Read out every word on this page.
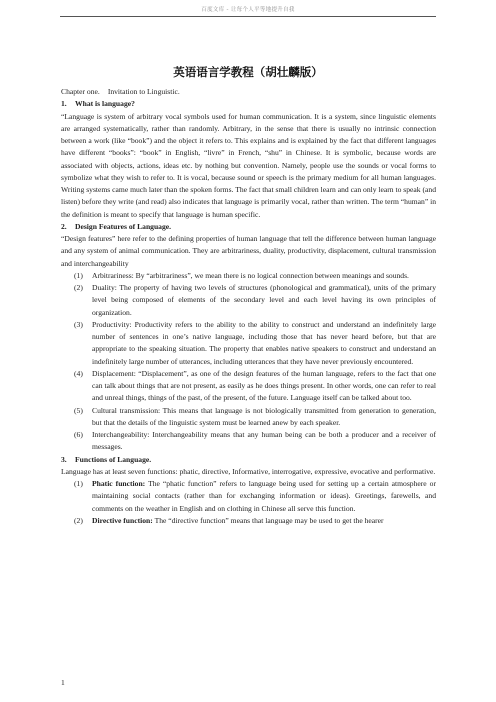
百度文库 - 让每个人平等地提升自我
英语语言学教程（胡壮麟版）

Chapter one. Invitation to Linguistic.

1. What is language?

“Language is system of arbitrary vocal symbols used for human communication. It is a system, since linguistic elements are arranged systematically, rather than randomly. Arbitrary, in the sense that there is usually no intrinsic connection between a work (like “book”) and the object it refers to. This explains and is explained by the fact that different languages have different “books”: “book” in English, “livre” in French, “shu” in Chinese. It is symbolic, because words are associated with objects, actions, ideas etc. by nothing but convention. Namely, people use the sounds or vocal forms to symbolize what they wish to refer to. It is vocal, because sound or speech is the primary medium for all human languages. Writing systems came much later than the spoken forms. The fact that small children learn and can only learn to speak (and listen) before they write (and read) also indicates that language is primarily vocal, rather than written. The term “human” in the definition is meant to specify that language is human specific.

2. Design Features of Language.

“Design features” here refer to the defining properties of human language that tell the difference between human language and any system of animal communication. They are arbitrariness, duality, productivity, displacement, cultural transmission and interchangeability

(1) Arbitrariness: By “arbitrariness”, we mean there is no logical connection between meanings and sounds.
(2) Duality: The property of having two levels of structures (phonological and grammatical), units of the primary level being composed of elements of the secondary level and each level having its own principles of organization.
(3) Productivity: Productivity refers to the ability to the ability to construct and understand an indefinitely large number of sentences in one’s native language, including those that has never heard before, but that are appropriate to the speaking situation. The property that enables native speakers to construct and understand an indefinitely large number of utterances, including utterances that they have never previously encountered.
(4) Displacement: “Displacement”, as one of the design features of the human language, refers to the fact that one can talk about things that are not present, as easily as he does things present. In other words, one can refer to real and unreal things, things of the past, of the present, of the future. Language itself can be talked about too.
(5) Cultural transmission: This means that language is not biologically transmitted from generation to generation, but that the details of the linguistic system must be learned anew by each speaker.
(6) Interchangeability: Interchangeability means that any human being can be both a producer and a receiver of messages.

3. Functions of Language.

Language has at least seven functions: phatic, directive, Informative, interrogative, expressive, evocative and performative.

(1) Phatic function: The “phatic function” refers to language being used for setting up a certain atmosphere or maintaining social contacts (rather than for exchanging information or ideas). Greetings, farewells, and comments on the weather in English and on clothing in Chinese all serve this function.
(2) Directive function: The “directive function” means that language may be used to get the hearer
1
